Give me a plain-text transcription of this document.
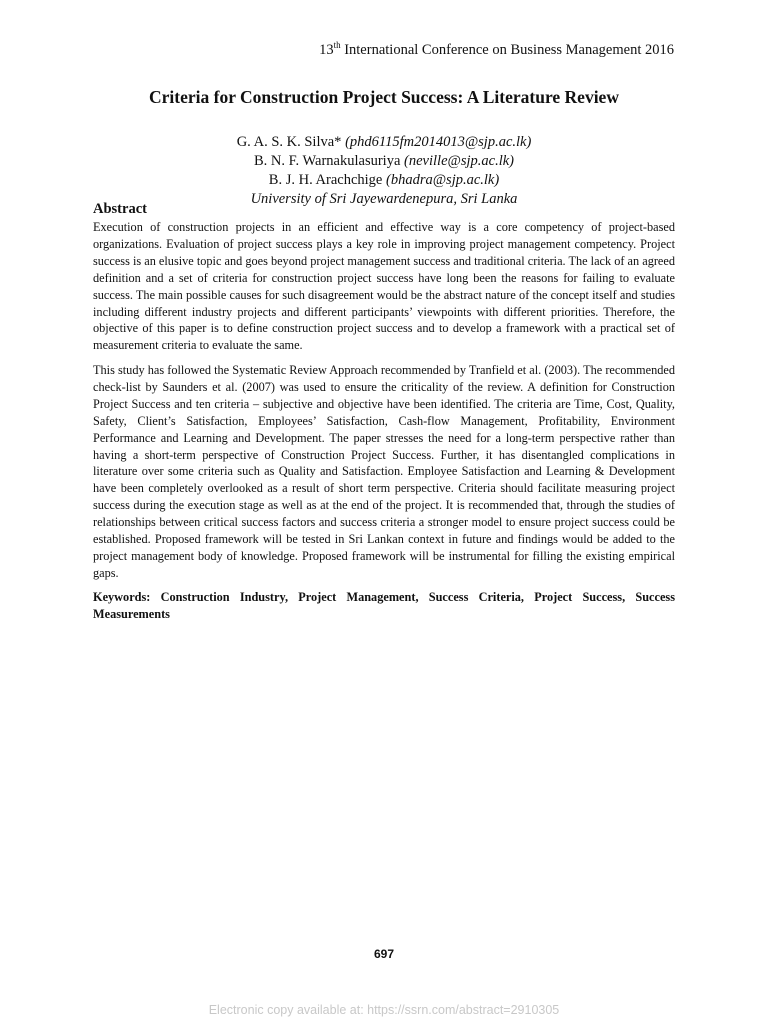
13th International Conference on Business Management 2016
Criteria for Construction Project Success: A Literature Review
G. A. S. K. Silva* (phd6115fm2014013@sjp.ac.lk)
B. N. F. Warnakulasuriya (neville@sjp.ac.lk)
B. J. H. Arachchige (bhadra@sjp.ac.lk)
University of Sri Jayewardenepura, Sri Lanka
Abstract

Execution of construction projects in an efficient and effective way is a core competency of project-based organizations. Evaluation of project success plays a key role in improving project management competency. Project success is an elusive topic and goes beyond project management success and traditional criteria. The lack of an agreed definition and a set of criteria for construction project success have long been the reasons for failing to evaluate success. The main possible causes for such disagreement would be the abstract nature of the concept itself and studies including different industry projects and different participants’ viewpoints with different priorities. Therefore, the objective of this paper is to define construction project success and to develop a framework with a practical set of measurement criteria to evaluate the same.

This study has followed the Systematic Review Approach recommended by Tranfield et al. (2003). The recommended check-list by Saunders et al. (2007) was used to ensure the criticality of the review. A definition for Construction Project Success and ten criteria – subjective and objective have been identified. The criteria are Time, Cost, Quality, Safety, Client’s Satisfaction, Employees’ Satisfaction, Cash-flow Management, Profitability, Environment Performance and Learning and Development. The paper stresses the need for a long-term perspective rather than having a short-term perspective of Construction Project Success. Further, it has disentangled complications in literature over some criteria such as Quality and Satisfaction. Employee Satisfaction and Learning & Development have been completely overlooked as a result of short term perspective. Criteria should facilitate measuring project success during the execution stage as well as at the end of the project. It is recommended that, through the studies of relationships between critical success factors and success criteria a stronger model to ensure project success could be established. Proposed framework will be tested in Sri Lankan context in future and findings would be added to the project management body of knowledge. Proposed framework will be instrumental for filling the existing empirical gaps.

Keywords: Construction Industry, Project Management, Success Criteria, Project Success, Success Measurements

697
Electronic copy available at: https://ssrn.com/abstract=2910305
